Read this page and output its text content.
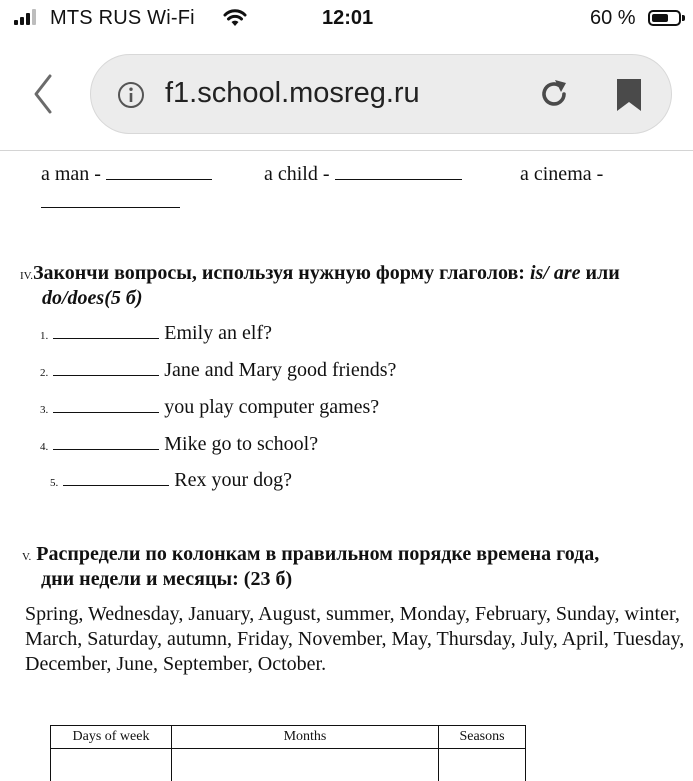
MTS RUS Wi-Fi	12:01	60 %
f1.school.mosreg.ru
a man -	a child -	a cinema -
IV.Закончи вопросы, используя нужную форму глаголов: is/ are или
do/does(5 б)
1.	Emily an elf?
2.	Jane and Mary good friends?
3.	you play computer games?
4.	Mike go to school?
5.	Rex your dog?
V. Распредели по колонкам в правильном порядке времена года,
дни недели и месяцы: (23 б)
Spring, Wednesday, January, August, summer, Monday, February, Sunday, winter, March, Saturday, autumn, Friday, November, May, Thursday, July, April, Tuesday, December, June, September, October.
Days of week	Months	Seasons
